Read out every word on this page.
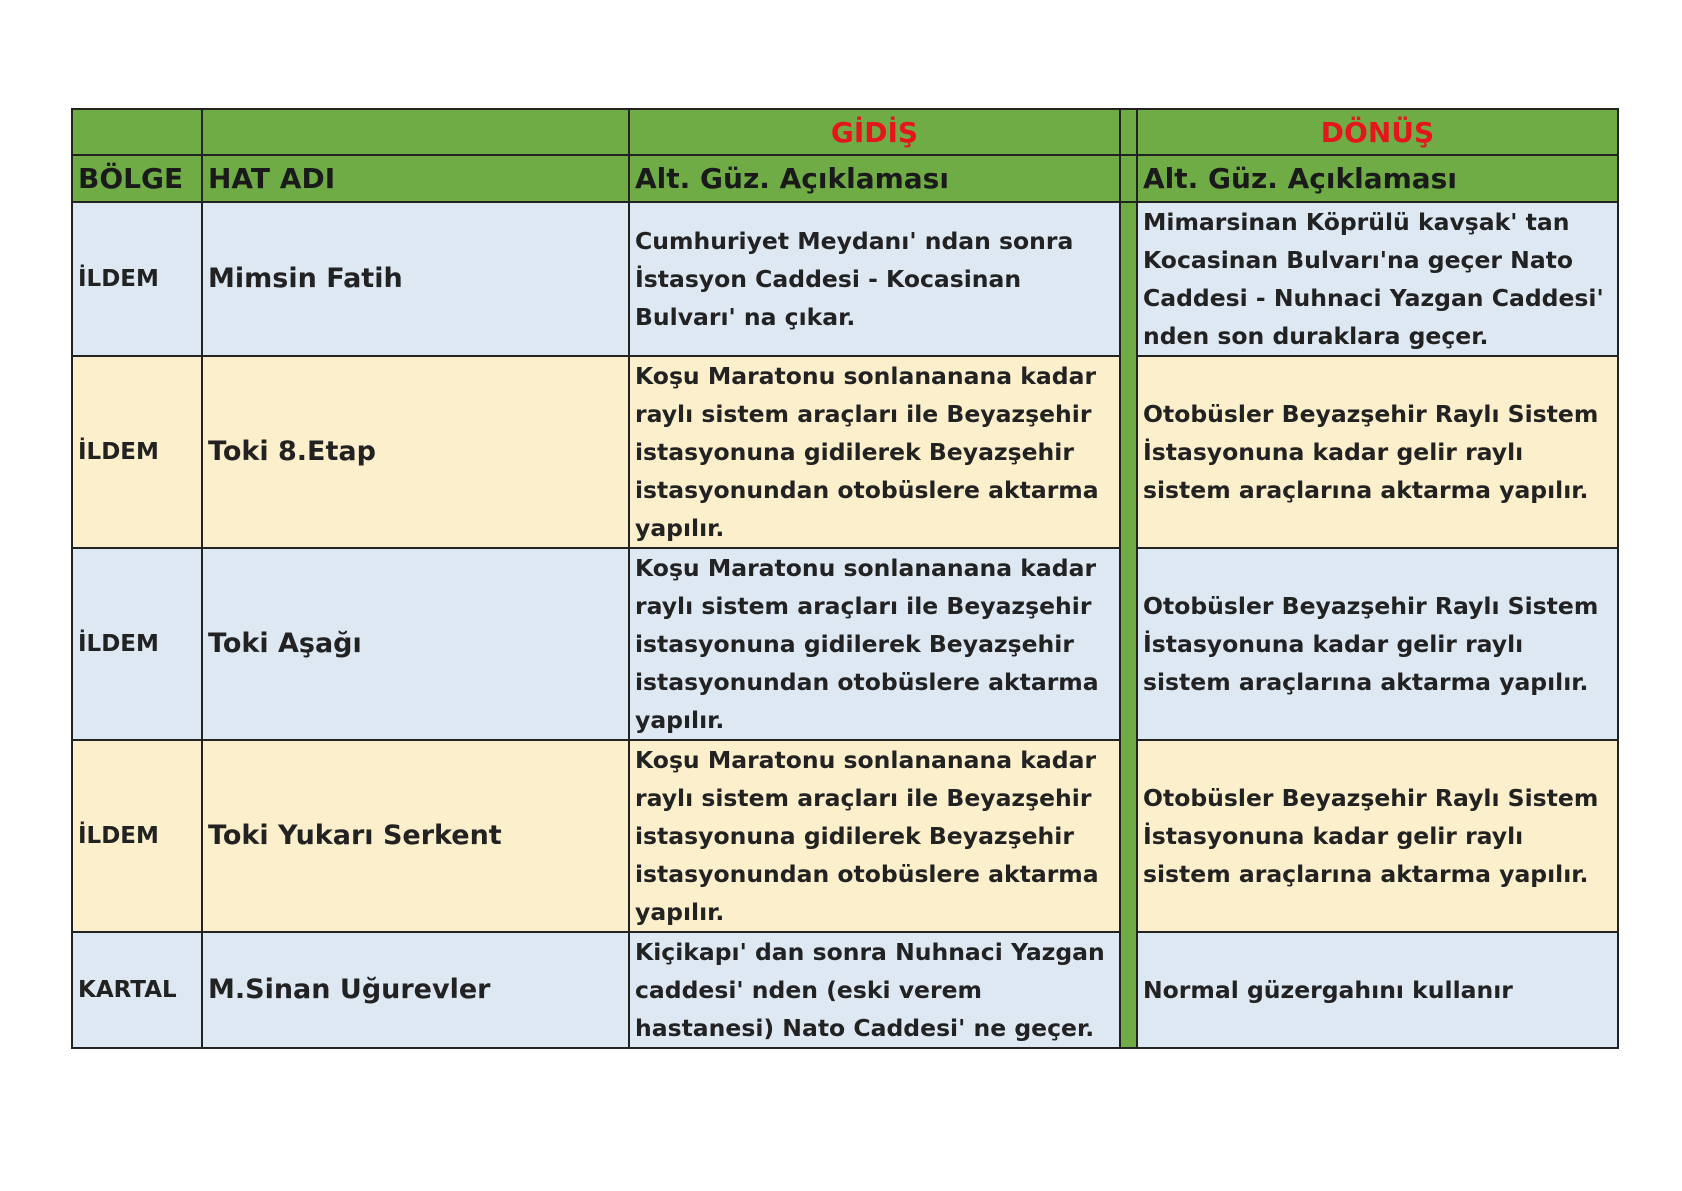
		GİDİŞ		DÖNÜŞ
BÖLGE	HAT ADI	Alt. Güz. Açıklaması		Alt. Güz. Açıklaması
İLDEM	Mimsin Fatih	Cumhuriyet Meydanı' ndan sonra İstasyon Caddesi - Kocasinan Bulvarı' na çıkar.		Mimarsinan Köprülü kavşak' tan Kocasinan Bulvarı'na geçer Nato Caddesi - Nuhnaci Yazgan Caddesi' nden son duraklara geçer.
İLDEM	Toki 8.Etap	Koşu Maratonu sonlananana kadar raylı sistem araçları ile Beyazşehir istasyonuna gidilerek Beyazşehir istasyonundan otobüslere aktarma yapılır.		Otobüsler Beyazşehir Raylı Sistem İstasyonuna kadar gelir raylı sistem araçlarına aktarma yapılır.
İLDEM	Toki Aşağı	Koşu Maratonu sonlananana kadar raylı sistem araçları ile Beyazşehir istasyonuna gidilerek Beyazşehir istasyonundan otobüslere aktarma yapılır.		Otobüsler Beyazşehir Raylı Sistem İstasyonuna kadar gelir raylı sistem araçlarına aktarma yapılır.
İLDEM	Toki Yukarı Serkent	Koşu Maratonu sonlananana kadar raylı sistem araçları ile Beyazşehir istasyonuna gidilerek Beyazşehir istasyonundan otobüslere aktarma yapılır.		Otobüsler Beyazşehir Raylı Sistem İstasyonuna kadar gelir raylı sistem araçlarına aktarma yapılır.
KARTAL	M.Sinan Uğurevler	Kiçikapı' dan sonra Nuhnaci Yazgan caddesi' nden (eski verem hastanesi) Nato Caddesi' ne geçer.		Normal güzergahını kullanır
